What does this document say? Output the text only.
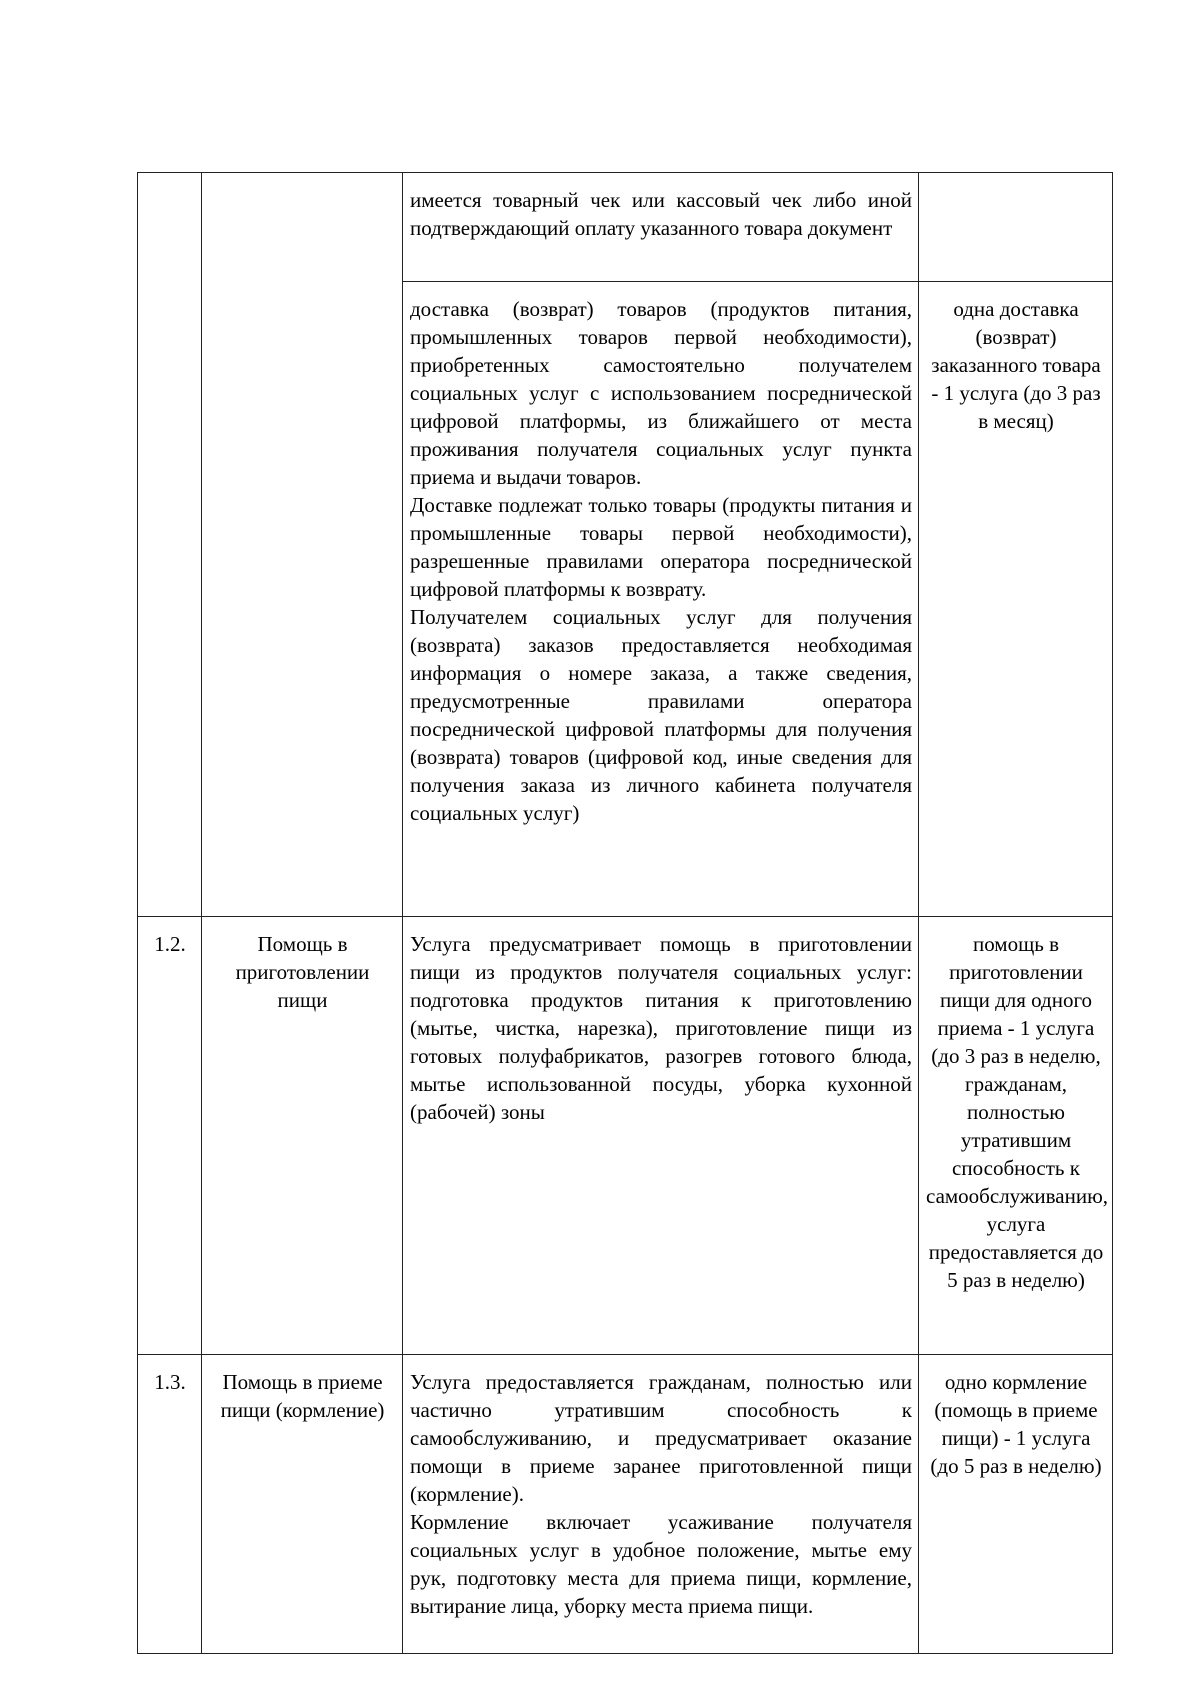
		имеется товарный чек или кассовый чек либо иной подтверждающий оплату указанного товара документ	

		доставка (возврат) товаров (продуктов питания, промышленных товаров первой необходимости), приобретенных самостоятельно получателем социальных услуг с использованием посреднической цифровой платформы, из ближайшего от места проживания получателя социальных услуг пункта приема и выдачи товаров.
Доставке подлежат только товары (продукты питания и промышленные товары первой необходимости), разрешенные правилами оператора посреднической цифровой платформы к возврату.
Получателем социальных услуг для получения (возврата) заказов предоставляется необходимая информация о номере заказа, а также сведения, предусмотренные правилами оператора посреднической цифровой платформы для получения (возврата) товаров (цифровой код, иные сведения для получения заказа из личного кабинета получателя социальных услуг)	одна доставка (возврат) заказанного товара - 1 услуга (до 3 раз в месяц)
1.2.	Помощь в приготовлении пищи	Услуга предусматривает помощь в приготовлении пищи из продуктов получателя социальных услуг: подготовка продуктов питания к приготовлению (мытье, чистка, нарезка), приготовление пищи из готовых полуфабрикатов, разогрев готового блюда, мытье использованной посуды, уборка кухонной (рабочей) зоны	помощь в приготовлении пищи для одного приема - 1 услуга (до 3 раз в неделю, гражданам, полностью утратившим способность к самообслуживанию, услуга предоставляется до 5 раз в неделю)
1.3.	Помощь в приеме пищи (кормление)	Услуга предоставляется гражданам, полностью или частично утратившим способность к самообслуживанию, и предусматривает оказание помощи в приеме заранее приготовленной пищи (кормление).
Кормление включает усаживание получателя социальных услуг в удобное положение, мытье ему рук, подготовку места для приема пищи, кормление, вытирание лица, уборку места приема пищи.	одно кормление (помощь в приеме пищи) - 1 услуга (до 5 раз в неделю)
